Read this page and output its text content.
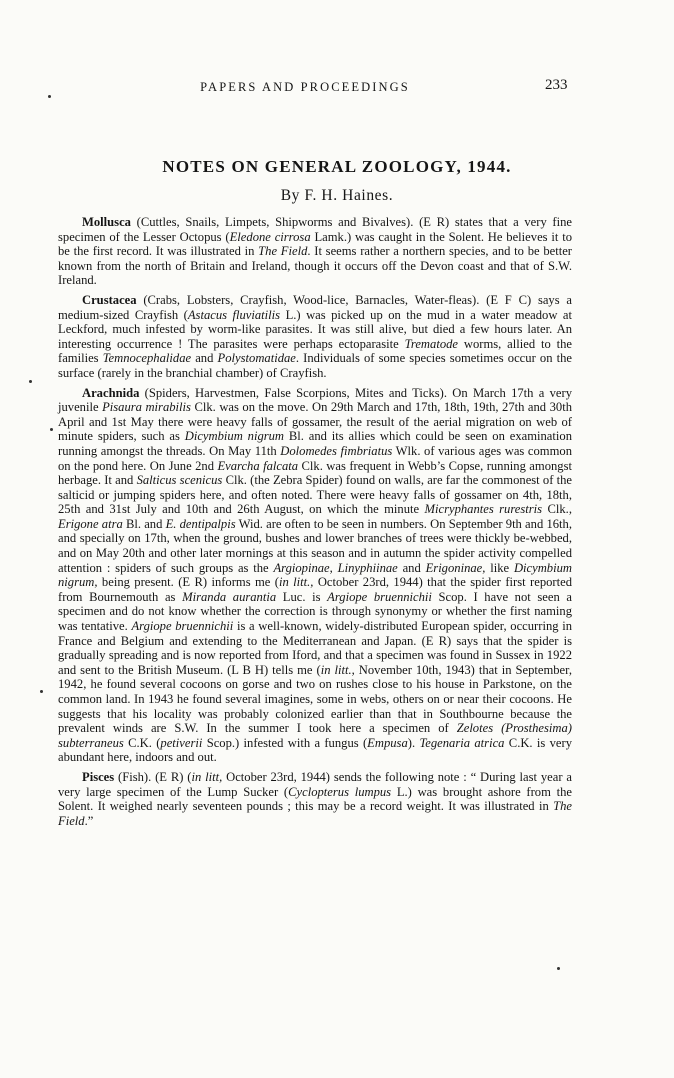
PAPERS AND PROCEEDINGS	233
NOTES ON GENERAL ZOOLOGY, 1944.
By F. H. Haines.

Mollusca (Cuttles, Snails, Limpets, Shipworms and Bivalves). (E R) states that a very fine specimen of the Lesser Octopus (Eledone cirrosa Lamk.) was caught in the Solent. He believes it to be the first record. It was illustrated in The Field. It seems rather a northern species, and to be better known from the north of Britain and Ireland, though it occurs off the Devon coast and that of S.W. Ireland.

Crustacea (Crabs, Lobsters, Crayfish, Wood-lice, Barnacles, Water-fleas). (E F C) says a medium-sized Crayfish (Astacus fluviatilis L.) was picked up on the mud in a water meadow at Leckford, much infested by worm-like parasites. It was still alive, but died a few hours later. An interesting occurrence ! The parasites were perhaps ectoparasite Trematode worms, allied to the families Temnocephalidae and Polystomatidae. Individuals of some species sometimes occur on the surface (rarely in the branchial chamber) of Crayfish.

Arachnida (Spiders, Harvestmen, False Scorpions, Mites and Ticks). On March 17th a very juvenile Pisaura mirabilis Clk. was on the move. On 29th March and 17th, 18th, 19th, 27th and 30th April and 1st May there were heavy falls of gossamer, the result of the aerial migration on web of minute spiders, such as Dicymbium nigrum Bl. and its allies which could be seen on examination running amongst the threads. On May 11th Dolomedes fimbriatus Wlk. of various ages was common on the pond here. On June 2nd Evarcha falcata Clk. was frequent in Webb’s Copse, running amongst herbage. It and Salticus scenicus Clk. (the Zebra Spider) found on walls, are far the commonest of the salticid or jumping spiders here, and often noted. There were heavy falls of gossamer on 4th, 18th, 25th and 31st July and 10th and 26th August, on which the minute Micryphantes rurestris Clk., Erigone atra Bl. and E. dentipalpis Wid. are often to be seen in numbers. On September 9th and 16th, and specially on 17th, when the ground, bushes and lower branches of trees were thickly be-webbed, and on May 20th and other later mornings at this season and in autumn the spider activity compelled attention : spiders of such groups as the Argiopinae, Linyphiinae and Erigoninae, like Dicymbium nigrum, being present. (E R) informs me (in litt., October 23rd, 1944) that the spider first reported from Bournemouth as Miranda aurantia Luc. is Argiope bruennichii Scop. I have not seen a specimen and do not know whether the correction is through synonymy or whether the first naming was tentative. Argiope bruennichii is a well-known, widely-distributed European spider, occurring in France and Belgium and extending to the Mediterranean and Japan. (E R) says that the spider is gradually spreading and is now reported from Iford, and that a specimen was found in Sussex in 1922 and sent to the British Museum. (L B H) tells me (in litt., November 10th, 1943) that in September, 1942, he found several cocoons on gorse and two on rushes close to his house in Parkstone, on the common land. In 1943 he found several imagines, some in webs, others on or near their cocoons. He suggests that his locality was probably colonized earlier than that in Southbourne because the prevalent winds are S.W. In the summer I took here a specimen of Zelotes (Prosthesima) subterraneus C.K. (petiverii Scop.) infested with a fungus (Empusa). Tegenaria atrica C.K. is very abundant here, indoors and out.

Pisces (Fish). (E R) (in litt, October 23rd, 1944) sends the following note : “ During last year a very large specimen of the Lump Sucker (Cyclopterus lumpus L.) was brought ashore from the Solent. It weighed nearly seventeen pounds ; this may be a record weight. It was illustrated in The Field.”
